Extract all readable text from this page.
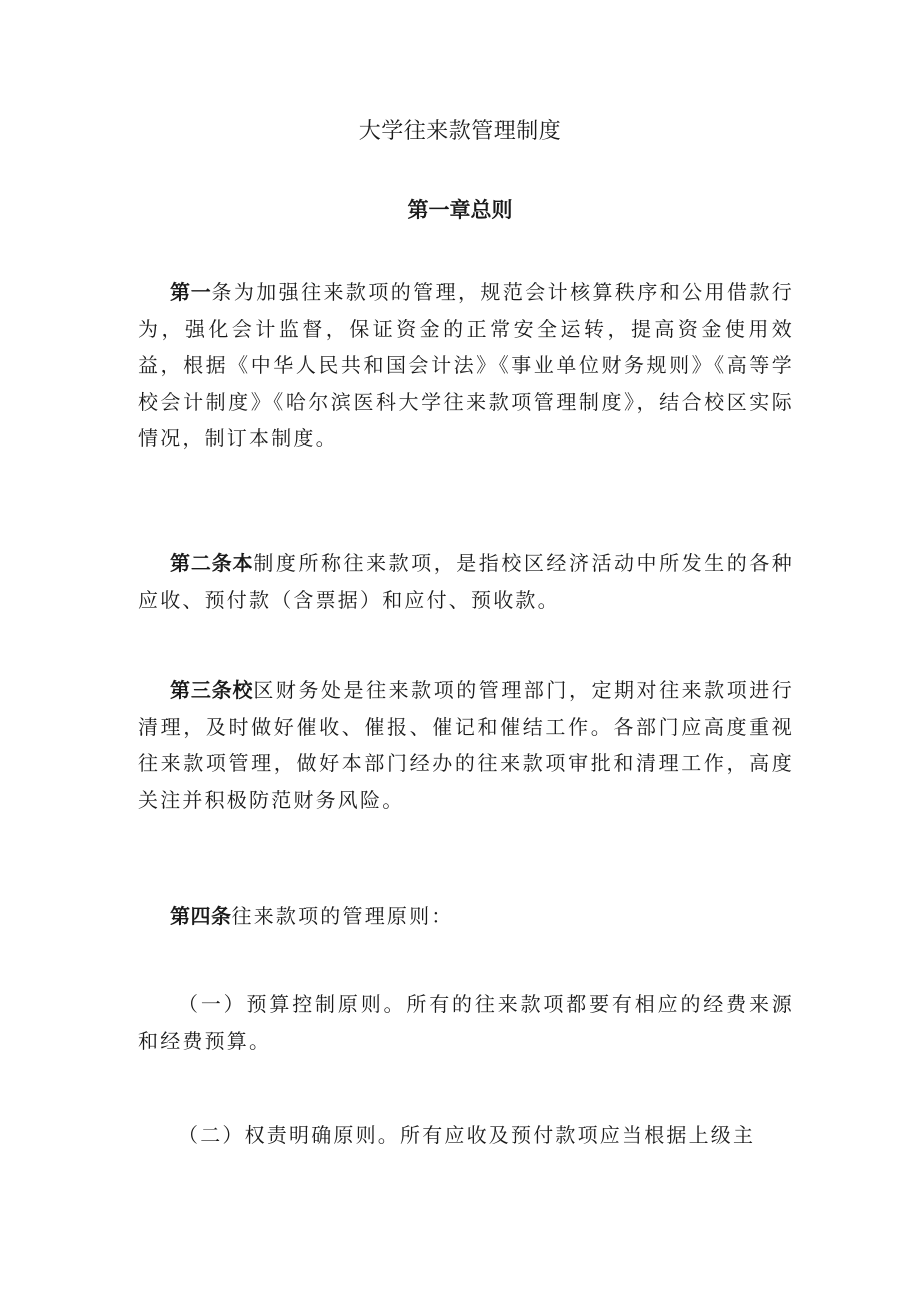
大学往来款管理制度
第一章总则

第一条为加强往来款项的管理，规范会计核算秩序和公用借款行为，强化会计监督，保证资金的正常安全运转，提高资金使用效益，根据《中华人民共和国会计法》《事业单位财务规则》《高等学校会计制度》《哈尔滨医科大学往来款项管理制度》，结合校区实际情况，制订本制度。

第二条本制度所称往来款项，是指校区经济活动中所发生的各种应收、预付款（含票据）和应付、预收款。

第三条校区财务处是往来款项的管理部门，定期对往来款项进行清理，及时做好催收、催报、催记和催结工作。各部门应高度重视往来款项管理，做好本部门经办的往来款项审批和清理工作，高度关注并积极防范财务风险。

第四条往来款项的管理原则：

（一）预算控制原则。所有的往来款项都要有相应的经费来源和经费预算。

（二）权责明确原则。所有应收及预付款项应当根据上级主
